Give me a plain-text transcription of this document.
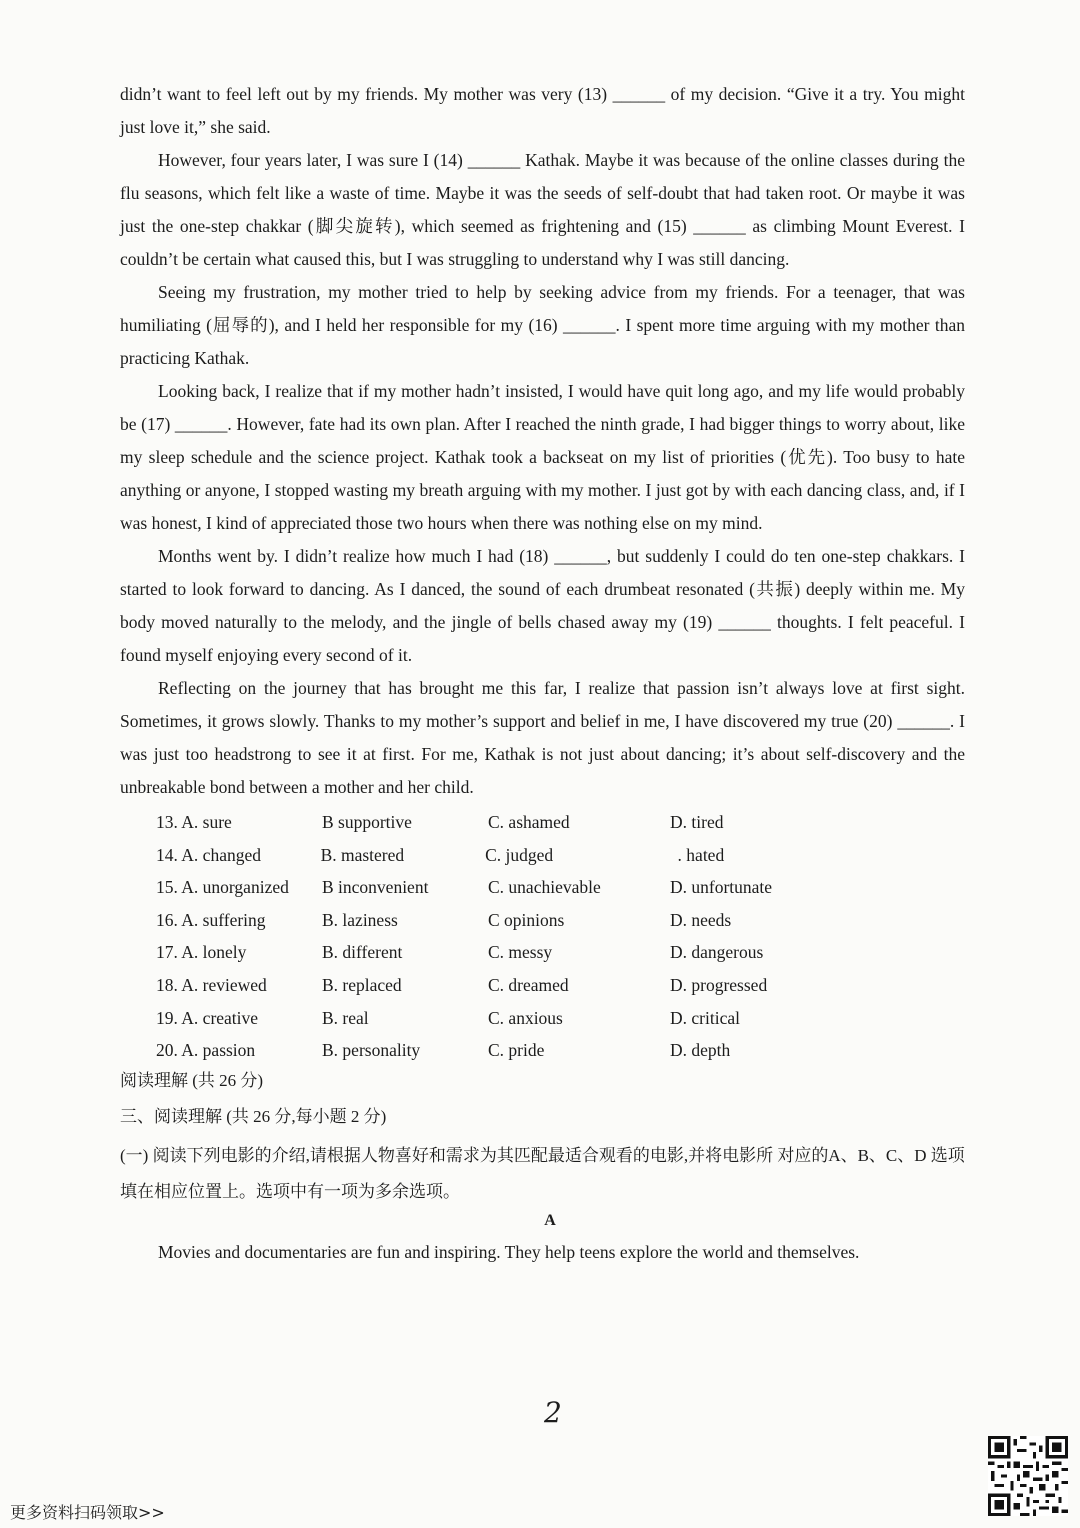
didn’t want to feel left out by my friends. My mother was very (13) ______ of my decision. “Give it a try. You might just love it,” she said.

However, four years later, I was sure I (14) ______ Kathak. Maybe it was because of the online classes during the flu seasons, which felt like a waste of time. Maybe it was the seeds of self-doubt that had taken root. Or maybe it was just the one-step chakkar (脚尖旋转), which seemed as frightening and (15) ______ as climbing Mount Everest. I couldn’t be certain what caused this, but I was struggling to understand why I was still dancing.

Seeing my frustration, my mother tried to help by seeking advice from my friends. For a teenager, that was humiliating (屈辱的), and I held her responsible for my (16) ______. I spent more time arguing with my mother than practicing Kathak.

Looking back, I realize that if my mother hadn’t insisted, I would have quit long ago, and my life would probably be (17) ______. However, fate had its own plan. After I reached the ninth grade, I had bigger things to worry about, like my sleep schedule and the science project. Kathak took a backseat on my list of priorities (优先). Too busy to hate anything or anyone, I stopped wasting my breath arguing with my mother. I just got by with each dancing class, and, if I was honest, I kind of appreciated those two hours when there was nothing else on my mind.

Months went by. I didn’t realize how much I had (18) ______, but suddenly I could do ten one-step chakkars. I started to look forward to dancing. As I danced, the sound of each drumbeat resonated (共振) deeply within me. My body moved naturally to the melody, and the jingle of bells chased away my (19) ______ thoughts. I felt peaceful. I found myself enjoying every second of it.

Reflecting on the journey that has brought me this far, I realize that passion isn’t always love at first sight. Sometimes, it grows slowly. Thanks to my mother’s support and belief in me, I have discovered my true (20) ______. I was just too headstrong to see it at first. For me, Kathak is not just about dancing; it’s about self-discovery and the unbreakable bond between a mother and her child.

13. A. sure	B supportive	C. ashamed	D. tired
14. A. changed	B. mastered	C. judged	. hated
15. A. unorganized	B inconvenient	C. unachievable	D. unfortunate
16. A. suffering	B. laziness	C opinions	D. needs
17. A. lonely	B. different	C. messy	D. dangerous
18. A. reviewed	B. replaced	C. dreamed	D. progressed
19. A. creative	B. real	C. anxious	D. critical
20. A. passion	B. personality	C. pride	D. depth
阅读理解 (共 26 分)
三、阅读理解 (共 26 分,每小题 2 分)
(一) 阅读下列电影的介绍,请根据人物喜好和需求为其匹配最适合观看的电影,并将电影所 对应的A、B、C、D 选项填在相应位置上。选项中有一项为多余选项。
A
Movies and documentaries are fun and inspiring. They help teens explore the world and themselves.
2
更多资料扫码领取>>
